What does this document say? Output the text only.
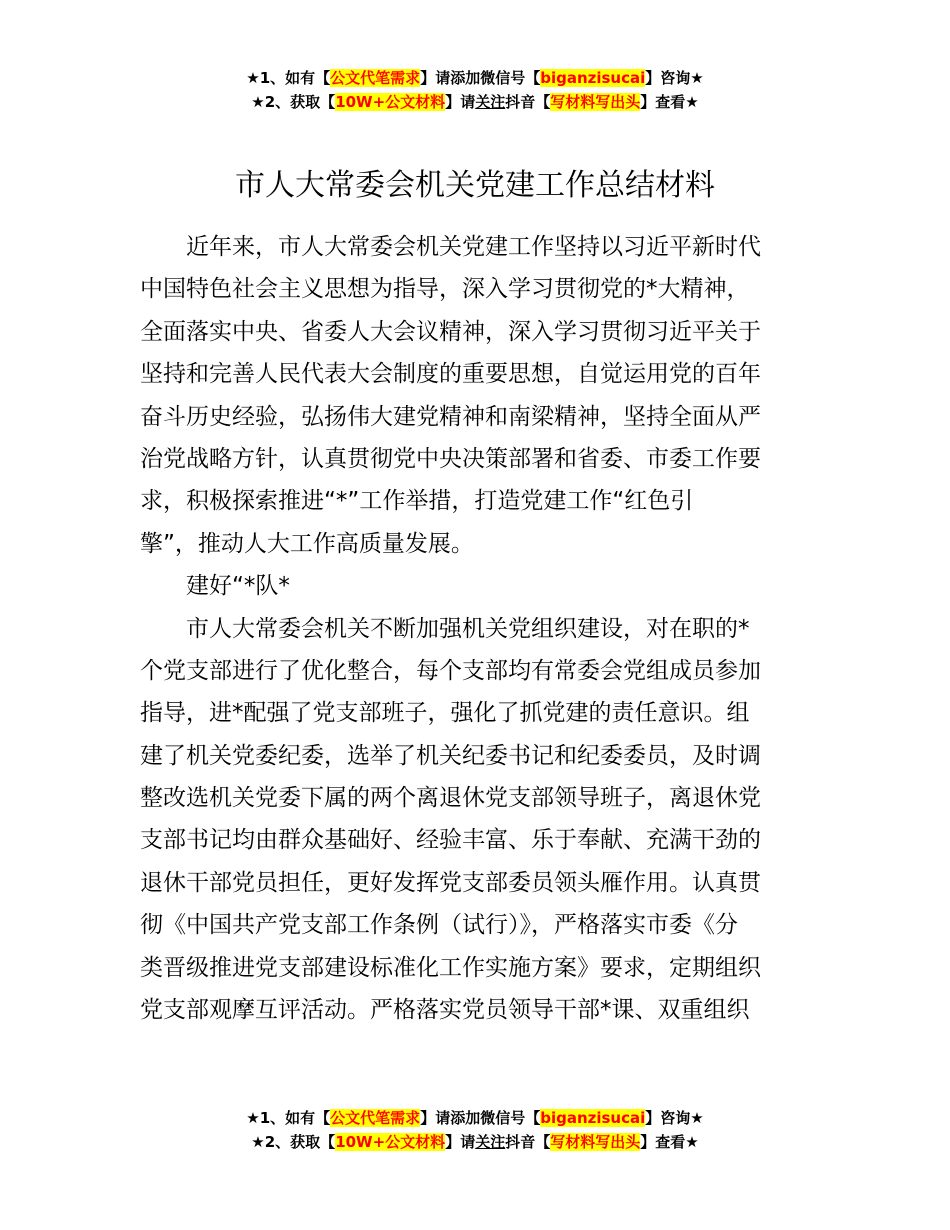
★1、如有【公文代笔需求】请添加微信号【biganzisucai】咨询★
★2、获取【10W+公文材料】请关注抖音【写材料写出头】查看★
市人大常委会机关党建工作总结材料
近年来，市人大常委会机关党建工作坚持以习近平新时代
中国特色社会主义思想为指导，深入学习贯彻党的*大精神，
全面落实中央、省委人大会议精神，深入学习贯彻习近平关于
坚持和完善人民代表大会制度的重要思想，自觉运用党的百年
奋斗历史经验，弘扬伟大建党精神和南梁精神，坚持全面从严
治党战略方针，认真贯彻党中央决策部署和省委、市委工作要
求，积极探索推进“*”工作举措，打造党建工作“红色引
擎”，推动人大工作高质量发展。
建好“*队*
市人大常委会机关不断加强机关党组织建设，对在职的*
个党支部进行了优化整合，每个支部均有常委会党组成员参加
指导，进*配强了党支部班子，强化了抓党建的责任意识。组
建了机关党委纪委，选举了机关纪委书记和纪委委员，及时调
整改选机关党委下属的两个离退休党支部领导班子，离退休党
支部书记均由群众基础好、经验丰富、乐于奉献、充满干劲的
退休干部党员担任，更好发挥党支部委员领头雁作用。认真贯
彻《中国共产党支部工作条例（试行）》，严格落实市委《分
类晋级推进党支部建设标准化工作实施方案》要求，定期组织
党支部观摩互评活动。严格落实党员领导干部*课、双重组织
★1、如有【公文代笔需求】请添加微信号【biganzisucai】咨询★
★2、获取【10W+公文材料】请关注抖音【写材料写出头】查看★
